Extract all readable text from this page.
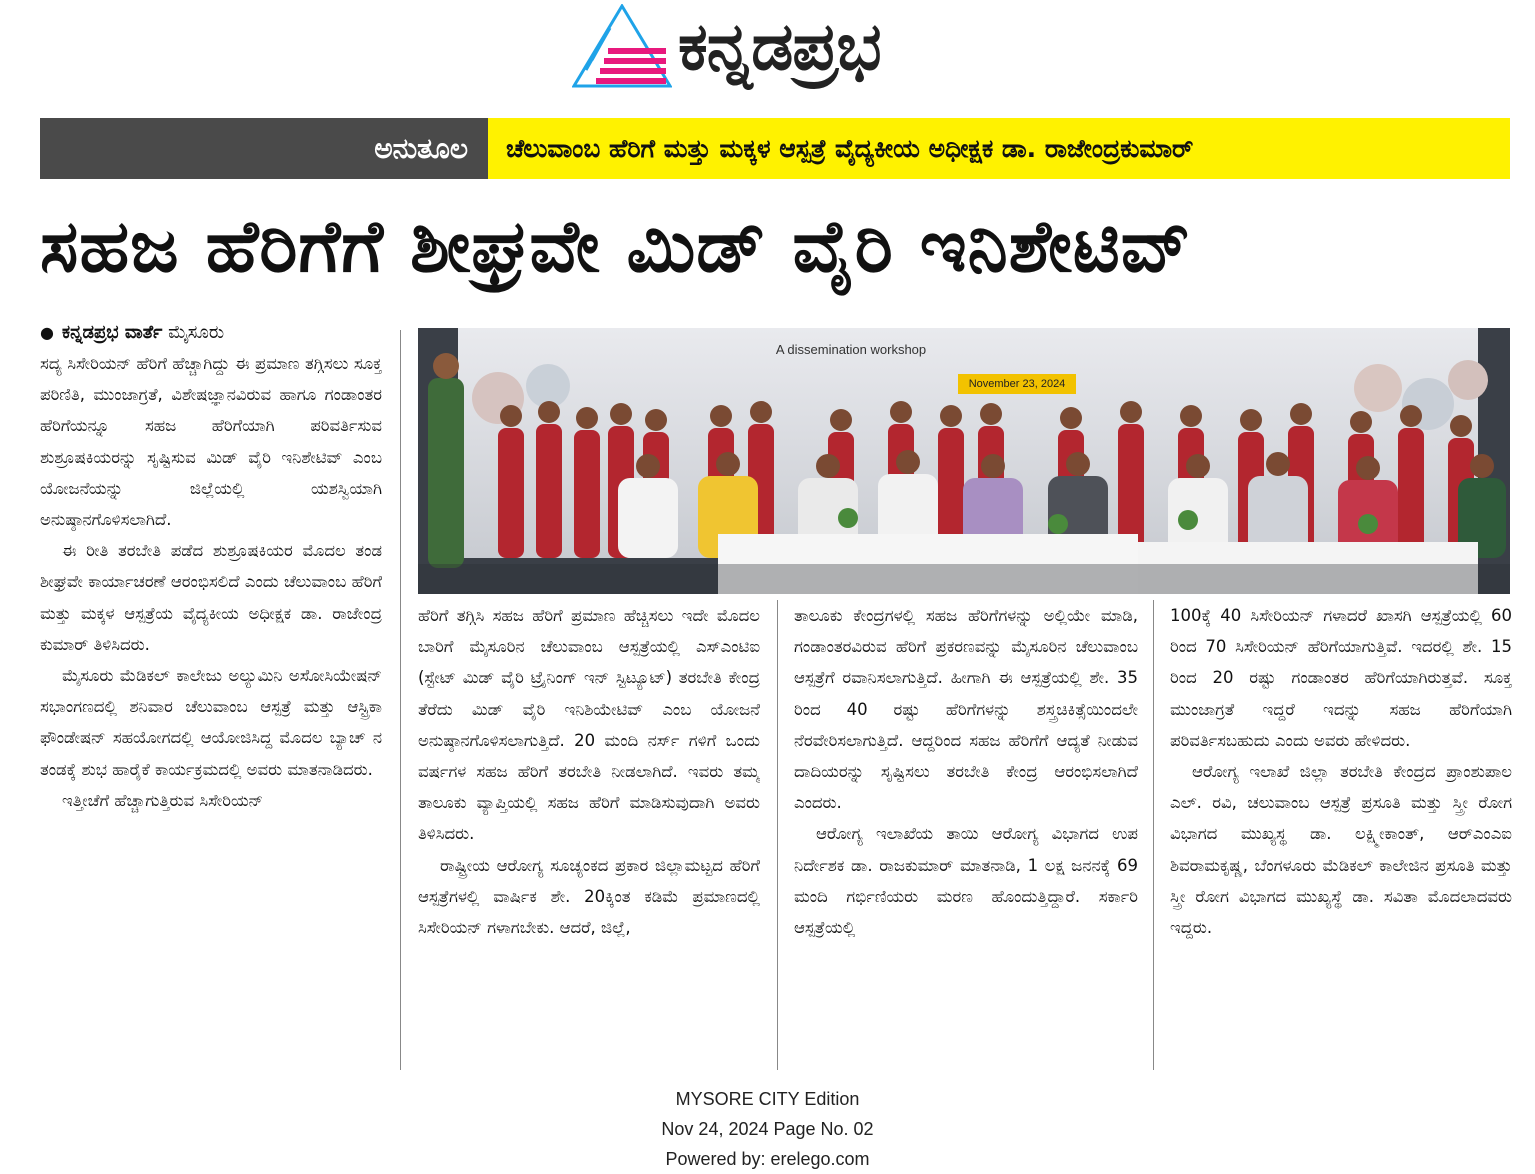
ಕನ್ನಡಪ್ರಭ
ಅನುತೂಲ	ಚೆಲುವಾಂಬ ಹೆರಿಗೆ ಮತ್ತು ಮಕ್ಕಳ ಆಸ್ಪತ್ರೆ ವೈದ್ಯಕೀಯ ಅಧೀಕ್ಷಕ ಡಾ. ರಾಜೇಂದ್ರಕುಮಾರ್
ಸಹಜ ಹೆರಿಗೆಗೆ ಶೀಘ್ರವೇ ಮಿಡ್ ವೈರಿ ಇನಿಶೇಟಿವ್
● ಕನ್ನಡಪ್ರಭ ವಾರ್ತೆ ಮೈಸೂರು
A dissemination workshop
November 23, 2024

ಸದ್ಯ ಸಿಸೇರಿಯನ್ ಹೆರಿಗೆ ಹೆಚ್ಚಾಗಿದ್ದು ಈ ಪ್ರಮಾಣ ತಗ್ಗಿಸಲು ಸೂಕ್ತ ಪರಿಣಿತಿ, ಮುಂಜಾಗ್ರತೆ, ವಿಶೇಷಜ್ಞಾನವಿರುವ ಹಾಗೂ ಗಂಡಾಂತರ ಹೆರಿಗೆಯನ್ನೂ ಸಹಜ ಹೆರಿಗೆಯಾಗಿ ಪರಿವರ್ತಿಸುವ ಶುಶ್ರೂಷಕಿಯರನ್ನು ಸೃಷ್ಟಿಸುವ ಮಿಡ್ ವೈರಿ ಇನಿಶೇಟಿವ್ ಎಂಬ ಯೋಜನೆಯನ್ನು ಜಿಲ್ಲೆಯಲ್ಲಿ ಯಶಸ್ವಿಯಾಗಿ ಅನುಷ್ಠಾನಗೊಳಿಸಲಾಗಿದೆ.

ಈ ರೀತಿ ತರಬೇತಿ ಪಡೆದ ಶುಶ್ರೂಷಕಿಯರ ಮೊದಲ ತಂಡ ಶೀಘ್ರವೇ ಕಾರ್ಯಾಚರಣೆ ಆರಂಭಿಸಲಿದೆ ಎಂದು ಚೆಲುವಾಂಬ ಹೆರಿಗೆ ಮತ್ತು ಮಕ್ಕಳ ಆಸ್ಪತ್ರೆಯ ವೈದ್ಯಕೀಯ ಅಧೀಕ್ಷಕ ಡಾ. ರಾಜೇಂದ್ರ ಕುಮಾರ್ ತಿಳಿಸಿದರು.

ಮೈಸೂರು ಮೆಡಿಕಲ್ ಕಾಲೇಜು ಅಲ್ಯುಮಿನಿ ಅಸೋಸಿಯೇಷನ್ ಸಭಾಂಗಣದಲ್ಲಿ ಶನಿವಾರ ಚೆಲುವಾಂಬ ಆಸ್ಪತ್ರೆ ಮತ್ತು ಆಸ್ಟ್ರಿಕಾ ಫೌಂಡೇಷನ್ ಸಹಯೋಗದಲ್ಲಿ ಆಯೋಜಿಸಿದ್ದ ಮೊದಲ ಬ್ಯಾಚ್ ನ ತಂಡಕ್ಕೆ ಶುಭ ಹಾರೈಕೆ ಕಾರ್ಯಕ್ರಮದಲ್ಲಿ ಅವರು ಮಾತನಾಡಿದರು.

ಇತ್ತೀಚೆಗೆ ಹೆಚ್ಚಾಗುತ್ತಿರುವ ಸಿಸೇರಿಯನ್

ಹೆರಿಗೆ ತಗ್ಗಿಸಿ ಸಹಜ ಹೆರಿಗೆ ಪ್ರಮಾಣ ಹೆಚ್ಚಿಸಲು ಇದೇ ಮೊದಲ ಬಾರಿಗೆ ಮೈಸೂರಿನ ಚೆಲುವಾಂಬ ಆಸ್ಪತ್ರೆಯಲ್ಲಿ ಎಸ್‌ಎಂಟಿಐ (ಸ್ಟೇಟ್ ಮಿಡ್ ವೈರಿ ಟ್ರೈನಿಂಗ್ ಇನ್ ಸ್ಟಿಟ್ಯೂಟ್) ತರಬೇತಿ ಕೇಂದ್ರ ತೆರೆದು ಮಿಡ್ ವೈರಿ ಇನಿಶಿಯೇಟಿವ್ ಎಂಬ ಯೋಜನೆ ಅನುಷ್ಠಾನಗೊಳಿಸಲಾಗುತ್ತಿದೆ. 20 ಮಂದಿ ನರ್ಸ್ ಗಳಿಗೆ ಒಂದು ವರ್ಷಗಳ ಸಹಜ ಹೆರಿಗೆ ತರಬೇತಿ ನೀಡಲಾಗಿದೆ. ಇವರು ತಮ್ಮ ತಾಲೂಕು ವ್ಯಾಪ್ತಿಯಲ್ಲಿ ಸಹಜ ಹೆರಿಗೆ ಮಾಡಿಸುವುದಾಗಿ ಅವರು ತಿಳಿಸಿದರು.

ರಾಷ್ಟ್ರೀಯ ಆರೋಗ್ಯ ಸೂಚ್ಯಂಕದ ಪ್ರಕಾರ ಜಿಲ್ಲಾಮಟ್ಟದ ಹೆರಿಗೆ ಆಸ್ಪತ್ರೆಗಳಲ್ಲಿ ವಾರ್ಷಿಕ ಶೇ. 20ಕ್ಕಿಂತ ಕಡಿಮೆ ಪ್ರಮಾಣದಲ್ಲಿ ಸಿಸೇರಿಯನ್ ಗಳಾಗಬೇಕು. ಆದರೆ, ಜಿಲ್ಲೆ,

ತಾಲೂಕು ಕೇಂದ್ರಗಳಲ್ಲಿ ಸಹಜ ಹೆರಿಗೆಗಳನ್ನು ಅಲ್ಲಿಯೇ ಮಾಡಿ, ಗಂಡಾಂತರವಿರುವ ಹೆರಿಗೆ ಪ್ರಕರಣವನ್ನು ಮೈಸೂರಿನ ಚೆಲುವಾಂಬ ಆಸ್ಪತ್ರೆಗೆ ರವಾನಿಸಲಾಗುತ್ತಿದೆ. ಹೀಗಾಗಿ ಈ ಆಸ್ಪತ್ರೆಯಲ್ಲಿ ಶೇ. 35 ರಿಂದ 40 ರಷ್ಟು ಹೆರಿಗೆಗಳನ್ನು ಶಸ್ತ್ರಚಿಕಿತ್ಸೆಯಿಂದಲೇ ನೆರವೇರಿಸಲಾಗುತ್ತಿದೆ. ಆದ್ದರಿಂದ ಸಹಜ ಹೆರಿಗೆಗೆ ಆದ್ಯತೆ ನೀಡುವ ದಾದಿಯರನ್ನು ಸೃಷ್ಟಿಸಲು ತರಬೇತಿ ಕೇಂದ್ರ ಆರಂಭಿಸಲಾಗಿದೆ ಎಂದರು.

ಆರೋಗ್ಯ ಇಲಾಖೆಯ ತಾಯಿ ಆರೋಗ್ಯ ವಿಭಾಗದ ಉಪ ನಿರ್ದೇಶಕ ಡಾ. ರಾಜಕುಮಾರ್ ಮಾತನಾಡಿ, 1 ಲಕ್ಷ ಜನನಕ್ಕೆ 69 ಮಂದಿ ಗರ್ಭಿಣಿಯರು ಮರಣ ಹೊಂದುತ್ತಿದ್ದಾರೆ. ಸರ್ಕಾರಿ ಆಸ್ಪತ್ರೆಯಲ್ಲಿ

100ಕ್ಕೆ 40 ಸಿಸೇರಿಯನ್ ಗಳಾದರೆ ಖಾಸಗಿ ಆಸ್ಪತ್ರೆಯಲ್ಲಿ 60 ರಿಂದ 70 ಸಿಸೇರಿಯನ್ ಹೆರಿಗೆಯಾಗುತ್ತಿವೆ. ಇದರಲ್ಲಿ ಶೇ. 15 ರಿಂದ 20 ರಷ್ಟು ಗಂಡಾಂತರ ಹೆರಿಗೆಯಾಗಿರುತ್ತವೆ. ಸೂಕ್ತ ಮುಂಜಾಗ್ರತೆ ಇದ್ದರೆ ಇದನ್ನು ಸಹಜ ಹೆರಿಗೆಯಾಗಿ ಪರಿವರ್ತಿಸಬಹುದು ಎಂದು ಅವರು ಹೇಳಿದರು.

ಆರೋಗ್ಯ ಇಲಾಖೆ ಜಿಲ್ಲಾ ತರಬೇತಿ ಕೇಂದ್ರದ ಪ್ರಾಂಶುಪಾಲ ಎಲ್. ರವಿ, ಚಲುವಾಂಬ ಆಸ್ಪತ್ರೆ ಪ್ರಸೂತಿ ಮತ್ತು ಸ್ತ್ರೀ ರೋಗ ವಿಭಾಗದ ಮುಖ್ಯಸ್ಥ ಡಾ. ಲಕ್ಷ್ಮೀಕಾಂತ್, ಆರ್‌ಎಂಎಐ ಶಿವರಾಮಕೃಷ್ಣ, ಬೆಂಗಳೂರು ಮೆಡಿಕಲ್ ಕಾಲೇಜಿನ ಪ್ರಸೂತಿ ಮತ್ತು ಸ್ತ್ರೀ ರೋಗ ವಿಭಾಗದ ಮುಖ್ಯಸ್ಥೆ ಡಾ. ಸವಿತಾ ಮೊದಲಾದವರು ಇದ್ದರು.

MYSORE CITY Edition
Nov 24, 2024 Page No. 02
Powered by: erelego.com
